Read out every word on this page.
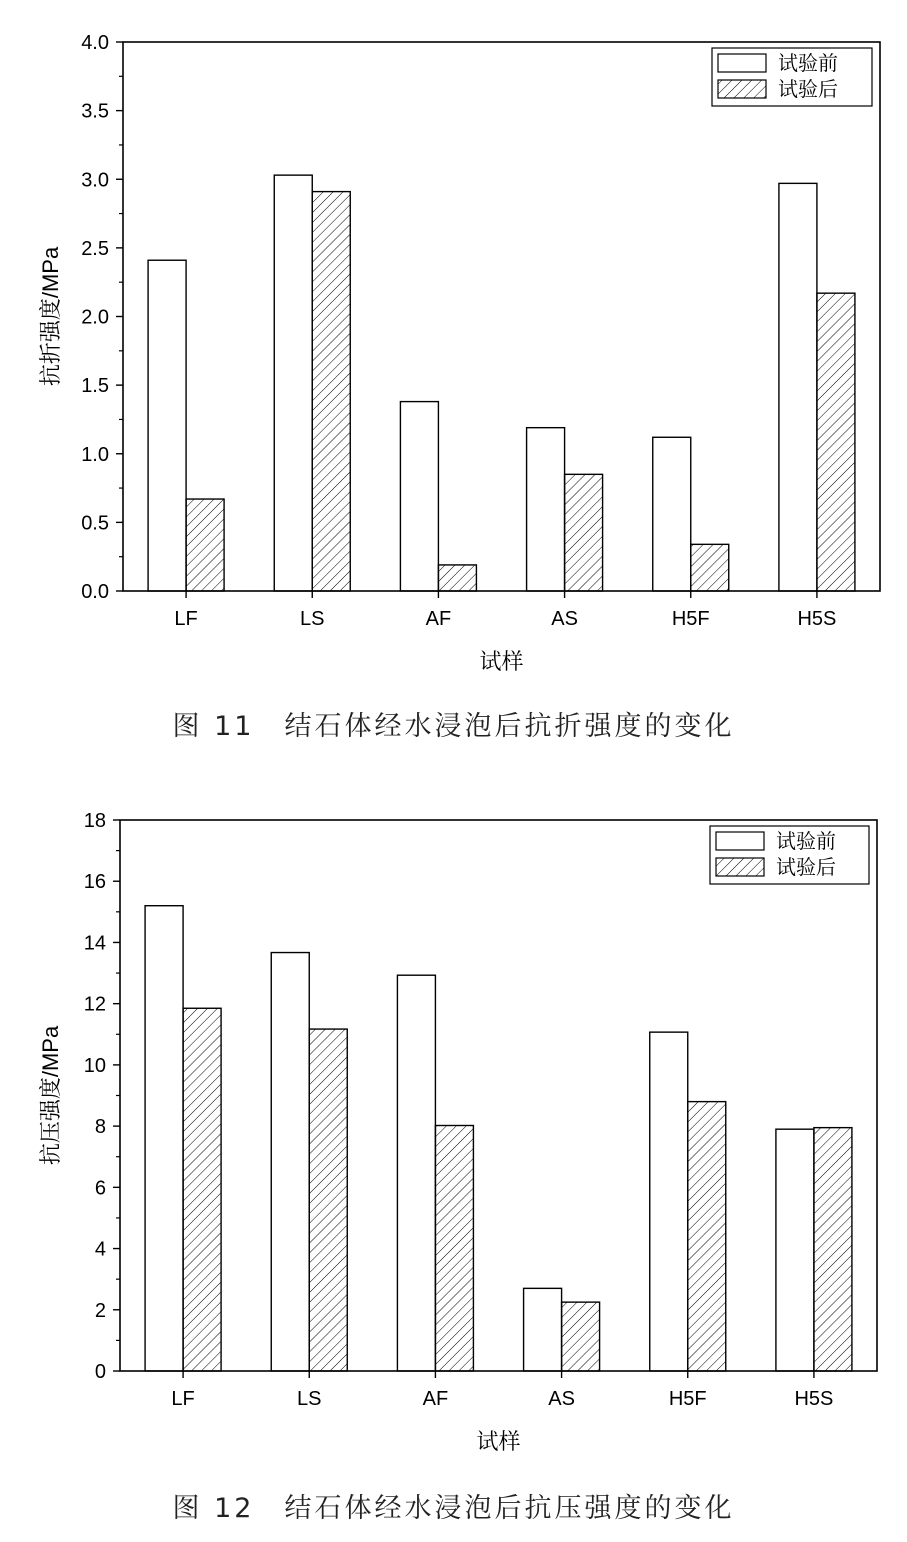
LF	LS	AF	AS	H5F	H5S
0.0
0.5
1.0
1.5
2.0
2.5
3.0
3.5
4.0
试样
抗折强度/MPa
试验前
试验后
图 11　结石体经水浸泡后抗折强度的变化
LF	LS	AF	AS	H5F	H5S
0
2
4
6
8
10
12
14
16
18
试样
抗压强度/MPa
试验前
试验后
图 12　结石体经水浸泡后抗压强度的变化
